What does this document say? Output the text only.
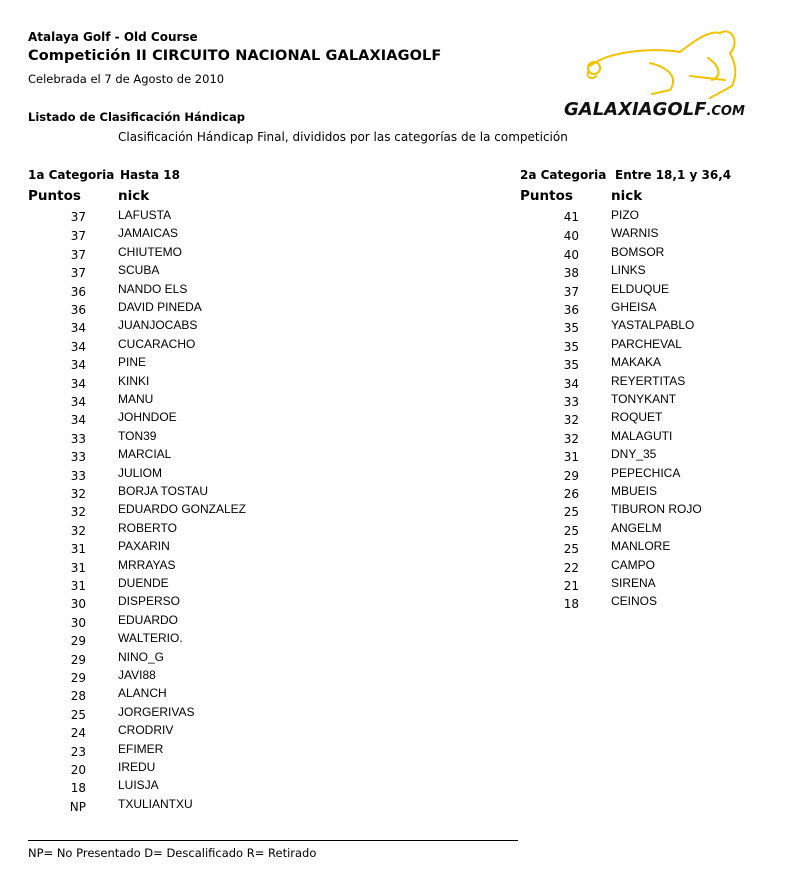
Atalaya Golf - Old Course
Competición II CIRCUITO NACIONAL GALAXIAGOLF
Celebrada el 7 de Agosto de 2010
Listado de Clasificación Hándicap
Clasificación Hándicap Final, divididos por las categorías de la competición
GALAXIAGOLF.COM
1a Categoria Hasta 18
Puntos	nick
37	LAFUSTA
37	JAMAICAS
37	CHIUTEMO
37	SCUBA
36	NANDO ELS
36	DAVID PINEDA
34	JUANJOCABS
34	CUCARACHO
34	PINE
34	KINKI
34	MANU
34	JOHNDOE
33	TON39
33	MARCIAL
33	JULIOM
32	BORJA TOSTAU
32	EDUARDO GONZALEZ
32	ROBERTO
31	PAXARIN
31	MRRAYAS
31	DUENDE
30	DISPERSO
30	EDUARDO
29	WALTERIO.
29	NINO_G
29	JAVI88
28	ALANCH
25	JORGERIVAS
24	CRODRIV
23	EFIMER
20	IREDU
18	LUISJA
NP	TXULIANTXU
2a Categoria Entre 18,1 y 36,4
Puntos	nick
41	PIZO
40	WARNIS
40	BOMSOR
38	LINKS
37	ELDUQUE
36	GHEISA
35	YASTALPABLO
35	PARCHEVAL
35	MAKAKA
34	REYERTITAS
33	TONYKANT
32	ROQUET
32	MALAGUTI
31	DNY_35
29	PEPECHICA
26	MBUEIS
25	TIBURON ROJO
25	ANGELM
25	MANLORE
22	CAMPO
21	SIRENA
18	CEINOS
NP= No Presentado D= Descalificado R= Retirado
